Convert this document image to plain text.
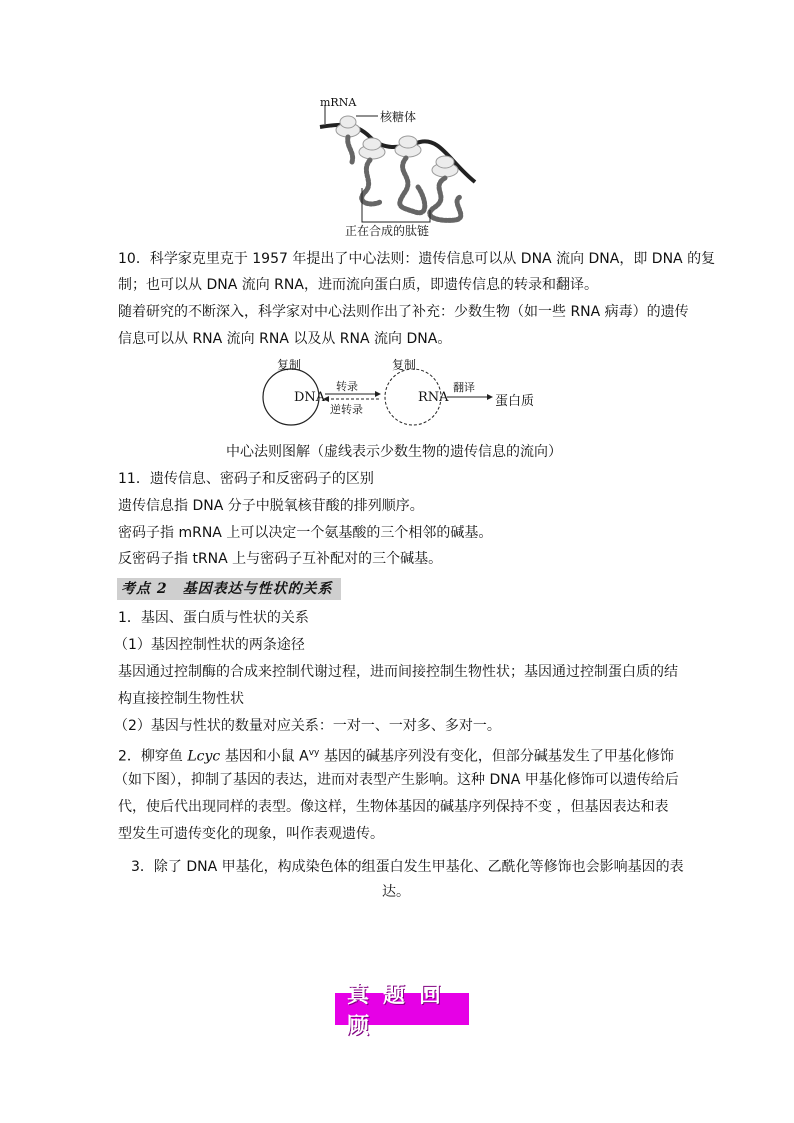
mRNA
核糖体
正在合成的肽链
10．科学家克里克于 1957 年提出了中心法则：遗传信息可以从 DNA 流向 DNA，即 DNA 的复
制；也可以从 DNA 流向 RNA，进而流向蛋白质，即遗传信息的转录和翻译。
随着研究的不断深入，科学家对中心法则作出了补充：少数生物（如一些 RNA 病毒）的遗传
信息可以从 RNA 流向 RNA 以及从 RNA 流向 DNA。
复制	复制
DNA	RNA
转录
逆转录
翻译
蛋白质
中心法则图解（虚线表示少数生物的遗传信息的流向）
11．遗传信息、密码子和反密码子的区别
遗传信息指 DNA 分子中脱氧核苷酸的排列顺序。
密码子指 mRNA 上可以决定一个氨基酸的三个相邻的碱基。
反密码子指 tRNA 上与密码子互补配对的三个碱基。
考点 2　基因表达与性状的关系
1．基因、蛋白质与性状的关系
（1）基因控制性状的两条途径
基因通过控制酶的合成来控制代谢过程，进而间接控制生物性状；基因通过控制蛋白质的结
构直接控制生物性状
（2）基因与性状的数量对应关系：一对一、一对多、多对一。
2．柳穿鱼 Lcyc 基因和小鼠 $A^{vy}$ 基因的碱基序列没有变化，但部分碱基发生了甲基化修饰
（如下图），抑制了基因的表达，进而对表型产生影响。这种 DNA 甲基化修饰可以遗传给后
代，使后代出现同样的表型。像这样，生物体基因的碱基序列保持不变 ，但基因表达和表
型发生可遗传变化的现象，叫作表观遗传。
3．除了 DNA 甲基化，构成染色体的组蛋白发生甲基化、乙酰化等修饰也会影响基因的表
达。
真题回顾
